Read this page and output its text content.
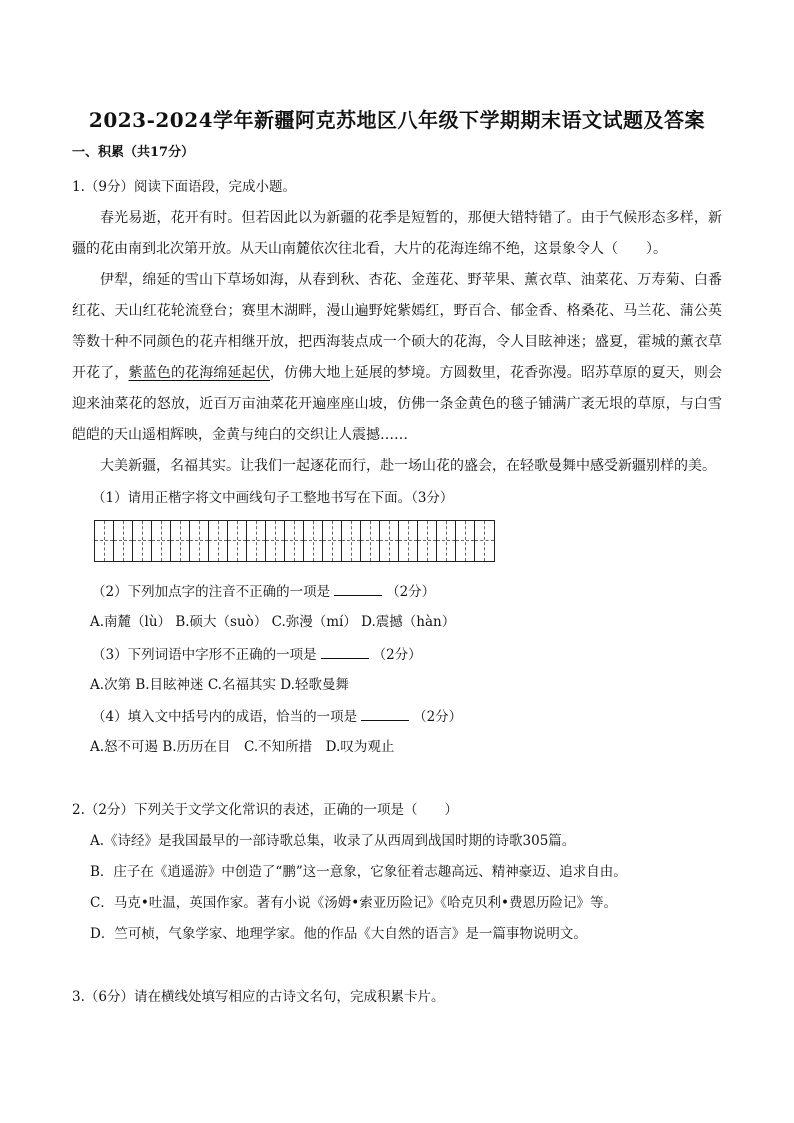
2023-2024学年新疆阿克苏地区八年级下学期期末语文试题及答案
一、积累（共17分）
1.（9分）阅读下面语段，完成小题。
春光易逝，花开有时。但若因此以为新疆的花季是短暂的，那便大错特错了。由于气候形态多样，新疆的花由南到北次第开放。从天山南麓依次往北看，大片的花海连绵不绝，这景象令人（　　）。
伊犁，绵延的雪山下草场如海，从春到秋、杏花、金莲花、野苹果、薰衣草、油菜花、万寿菊、白番红花、天山红花轮流登台；赛里木湖畔，漫山遍野姹紫嫣红，野百合、郁金香、格桑花、马兰花、蒲公英等数十种不同颜色的花卉相继开放，把西海装点成一个硕大的花海，令人目眩神迷；盛夏，霍城的薰衣草开花了，紫蓝色的花海绵延起伏，仿佛大地上延展的梦境。方圆数里，花香弥漫。昭苏草原的夏天，则会迎来油菜花的怒放，近百万亩油菜花开遍座座山坡，仿佛一条金黄色的毯子铺满广袤无垠的草原，与白雪皑皑的天山遥相辉映，金黄与纯白的交织让人震撼……
大美新疆，名福其实。让我们一起逐花而行，赴一场山花的盛会，在轻歌曼舞中感受新疆别样的美。
（1）请用正楷字将文中画线句子工整地书写在下面。（3分）
（2）下列加点字的注音不正确的一项是	（2分）
A.南麓（lù） B.硕大（suò） C.弥漫（mí） D.震撼（hàn）
（3）下列词语中字形不正确的一项是	（2分）
A.次第 B.目眩神迷 C.名福其实 D.轻歌曼舞
（4）填入文中括号内的成语，恰当的一项是	（2分）
A.怒不可遏 B.历历在目　C.不知所措　D.叹为观止
2.（2分）下列关于文学文化常识的表述，正确的一项是（　　）
A.《诗经》是我国最早的一部诗歌总集，收录了从西周到战国时期的诗歌305篇。
B．庄子在《逍遥游》中创造了“鹏”这一意象，它象征着志趣高远、精神豪迈、追求自由。
C．马克•吐温，英国作家。著有小说《汤姆•索亚历险记》《哈克贝利•费恩历险记》等。
D．竺可桢，气象学家、地理学家。他的作品《大自然的语言》是一篇事物说明文。
3.（6分）请在横线处填写相应的古诗文名句，完成积累卡片。
